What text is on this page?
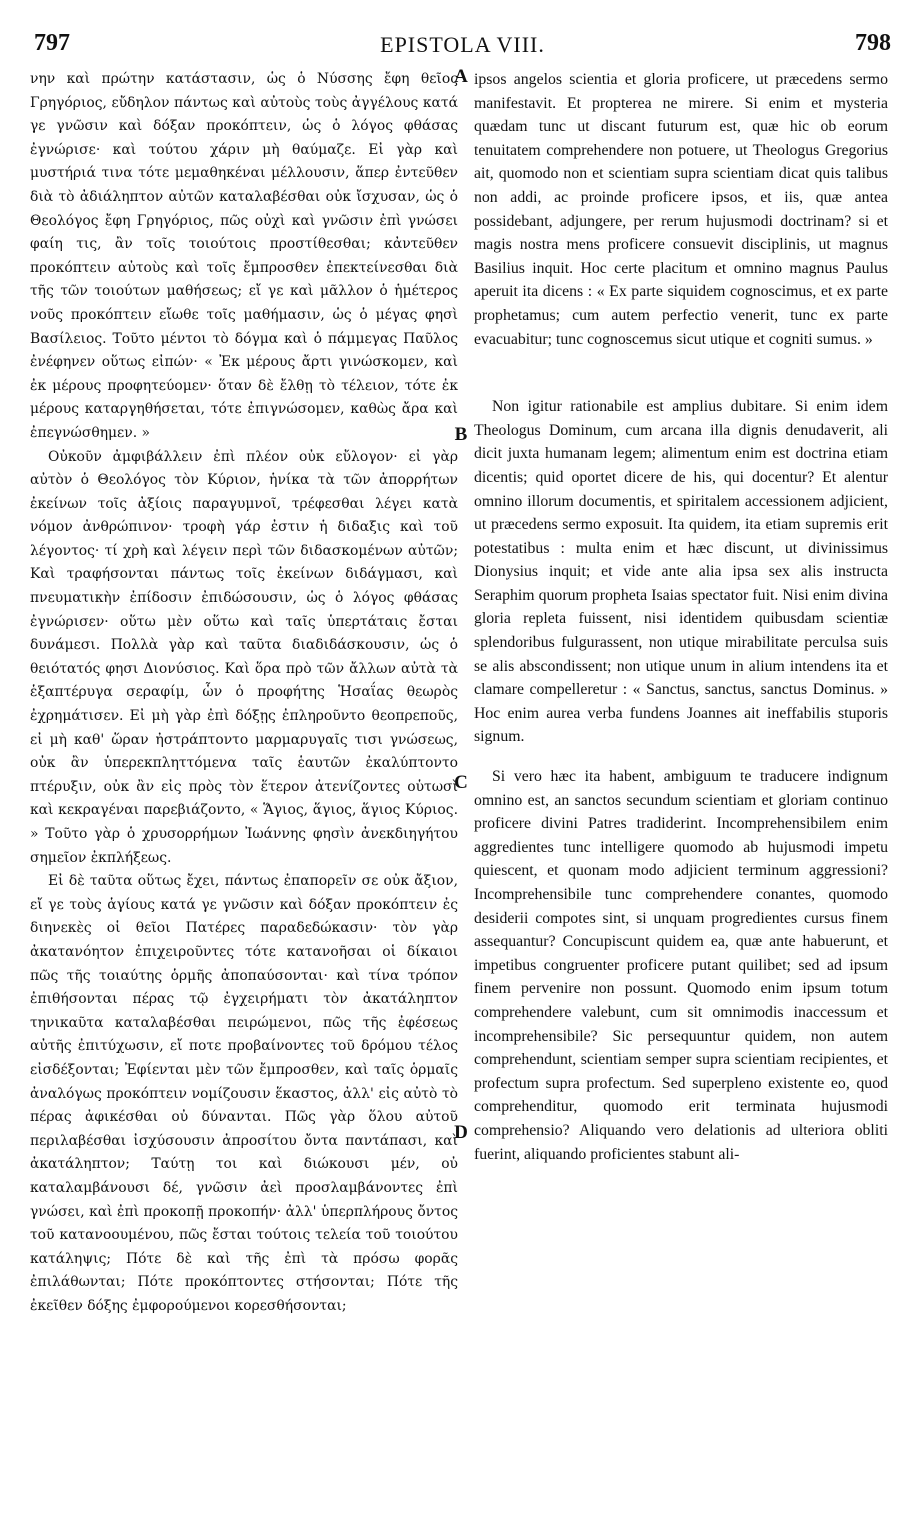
797	EPISTOLA VIII.	798

νην καὶ πρώτην κατάστασιν, ὡς ὁ Νύσσης ἔφη θεῖος Γρηγόριος, εὔδηλον πάντως καὶ αὐτοὺς τοὺς ἀγγέλους κατά γε γνῶσιν καὶ δόξαν προκόπτειν, ὡς ὁ λόγος φθάσας ἐγνώρισε· καὶ τούτου χάριν μὴ θαύμαζε. Εἰ γὰρ καὶ μυστήριά τινα τότε μεμαθηκέναι μέλλουσιν, ἅπερ ἐντεῦθεν διὰ τὸ ἀδιάληπτον αὐτῶν καταλαβέσθαι οὐκ ἴσχυσαν, ὡς ὁ Θεολόγος ἔφη Γρηγόριος, πῶς οὐχὶ καὶ γνῶσιν ἐπὶ γνώσει φαίη τις, ἂν τοῖς τοιούτοις προστίθεσθαι; κἀντεῦθεν προκόπτειν αὐτοὺς καὶ τοῖς ἔμπροσθεν ἐπεκτείνεσθαι διὰ τῆς τῶν τοιούτων μαθήσεως; εἴ γε καὶ μᾶλλον ὁ ἡμέτερος νοῦς προκόπτειν εἴωθε τοῖς μαθήμασιν, ὡς ὁ μέγας φησὶ Βασίλειος. Τοῦτο μέντοι τὸ δόγμα καὶ ὁ πάμμεγας Παῦλος ἐνέφηνεν οὕτως εἰπών· « Ἐκ μέρους ἄρτι γινώσκομεν, καὶ ἐκ μέρους προφητεύομεν· ὅταν δὲ ἔλθῃ τὸ τέλειον, τότε ἐκ μέρους καταργηθήσεται, τότε ἐπιγνώσομεν, καθὼς ἄρα καὶ ἐπεγνώσθημεν. »

Οὐκοῦν ἀμφιβάλλειν ἐπὶ πλέον οὐκ εὔλογον· εἰ γὰρ αὐτὸν ὁ Θεολόγος τὸν Κύριον, ἡνίκα τὰ τῶν ἀπορρήτων ἐκείνων τοῖς ἀξίοις παραγυμνοῖ, τρέφεσθαι λέγει κατὰ νόμον ἀνθρώπινον· τροφὴ γάρ ἐστιν ἡ διδαξις καὶ τοῦ λέγοντος· τί χρὴ καὶ λέγειν περὶ τῶν διδασκομένων αὐτῶν; Καὶ τραφήσονται πάντως τοῖς ἐκείνων διδάγμασι, καὶ πνευματικὴν ἐπίδοσιν ἐπιδώσουσιν, ὡς ὁ λόγος φθάσας ἐγνώρισεν· οὕτω μὲν οὕτω καὶ ταῖς ὑπερτάταις ἔσται δυνάμεσι. Πολλὰ γὰρ καὶ ταῦτα διαδιδάσκουσιν, ὡς ὁ θειότατός φησι Διονύσιος. Καὶ ὅρα πρὸ τῶν ἄλλων αὐτὰ τὰ ἑξαπτέρυγα σεραφίμ, ὧν ὁ προφήτης Ἡσαΐας θεωρὸς ἐχρημάτισεν. Εἰ μὴ γὰρ ἐπὶ δόξῃς ἐπληροῦντο θεοπρεποῦς, εἰ μὴ καθ' ὥραν ἠστράπτοντο μαρμαρυγαῖς τισι γνώσεως, οὐκ ἂν ὑπερεκπληττόμενα ταῖς ἑαυτῶν ἐκαλύπτοντο πτέρυξιν, οὐκ ἂν εἰς πρὸς τὸν ἕτερον ἀτενίζοντες οὑτωσὶ καὶ κεκραγέναι παρεβιάζοντο, « Ἅγιος, ἅγιος, ἅγιος Κύριος. » Τοῦτο γὰρ ὁ χρυσορρήμων Ἰωάννης φησὶν ἀνεκδιηγήτου σημεῖον ἐκπλήξεως.

Εἰ δὲ ταῦτα οὕτως ἔχει, πάντως ἐπαπορεῖν σε οὐκ ἄξιον, εἴ γε τοὺς ἁγίους κατά γε γνῶσιν καὶ δόξαν προκόπτειν ἐς διηνεκὲς οἱ θεῖοι Πατέρες παραδεδώκασιν· τὸν γὰρ ἀκατανόητον ἐπιχειροῦντες τότε κατανοῆσαι οἱ δίκαιοι πῶς τῆς τοιαύτης ὁρμῆς ἀποπαύσονται· καὶ τίνα τρόπον ἐπιθήσονται πέρας τῷ ἐγχειρήματι τὸν ἀκατάληπτον τηνικαῦτα καταλαβέσθαι πειρώμενοι, πῶς τῆς ἐφέσεως αὐτῆς ἐπιτύχωσιν, εἴ ποτε προβαίνοντες τοῦ δρόμου τέλος εἰσδέξονται; Ἐφίενται μὲν τῶν ἔμπροσθεν, καὶ ταῖς ὁρμαῖς ἀναλόγως προκόπτειν νομίζουσιν ἕκαστος, ἀλλ' εἰς αὐτὸ τὸ πέρας ἀφικέσθαι οὐ δύνανται. Πῶς γὰρ ὅλου αὐτοῦ περιλαβέσθαι ἰσχύσουσιν ἀπροσίτου ὄντα παντάπασι, καὶ ἀκατάληπτον; Ταύτῃ τοι καὶ διώκουσι μέν, οὐ καταλαμβάνουσι δέ, γνῶσιν ἀεὶ προσλαμβάνοντες ἐπὶ γνώσει, καὶ ἐπὶ προκοπῇ προκοπήν· ἀλλ' ὑπερπλήρους ὄντος τοῦ κατανοουμένου, πῶς ἔσται τούτοις τελεία τοῦ τοιούτου κατάληψις; Πότε δὲ καὶ τῆς ἐπὶ τὰ πρόσω φορᾶς ἐπιλάθωνται; Πότε προκόπτοντες στήσονται; Πότε τῆς ἐκεῖθεν δόξης ἐμφορούμενοι κορεσθήσονται;

ipsos angelos scientia et gloria proficere, ut præcedens sermo manifestavit. Et propterea ne mirere. Si enim et mysteria quædam tunc ut discant futurum est, quæ hic ob eorum tenuitatem comprehendere non potuere, ut Theologus Gregorius ait, quomodo non et scientiam supra scientiam dicat quis talibus non addi, ac proinde proficere ipsos, et iis, quæ antea possidebant, adjungere, per rerum hujusmodi doctrinam? si et magis nostra mens proficere consuevit disciplinis, ut magnus Basilius inquit. Hoc certe placitum et omnino magnus Paulus aperuit ita dicens : « Ex parte siquidem cognoscimus, et ex parte prophetamus; cum autem perfectio venerit, tunc ex parte evacuabitur; tunc cognoscemus sicut utique et cogniti sumus. »

Non igitur rationabile est amplius dubitare. Si enim idem Theologus Dominum, cum arcana illa dignis denudaverit, ali dicit juxta humanam legem; alimentum enim est doctrina etiam dicentis; quid oportet dicere de his, qui docentur? Et alentur omnino illorum documentis, et spiritalem accessionem adjicient, ut præcedens sermo exposuit. Ita quidem, ita etiam supremis erit potestatibus : multa enim et hæc discunt, ut divinissimus Dionysius inquit; et vide ante alia ipsa sex alis instructa Seraphim quorum propheta Isaias spectator fuit. Nisi enim divina gloria repleta fuissent, nisi identidem quibusdam scientiæ splendoribus fulgurassent, non utique mirabilitate perculsa suis se alis abscondissent; non utique unum in alium intendens ita et clamare compelleretur : « Sanctus, sanctus, sanctus Dominus. » Hoc enim aurea verba fundens Joannes ait ineffabilis stuporis signum.

Si vero hæc ita habent, ambiguum te traducere indignum omnino est, an sanctos secundum scientiam et gloriam continuo proficere divini Patres tradiderint. Incomprehensibilem enim aggredientes tunc intelligere quomodo ab hujusmodi impetu quiescent, et quonam modo adjicient terminum aggressioni? Incomprehensibile tunc comprehendere conantes, quomodo desiderii compotes sint, si unquam progredientes cursus finem assequantur? Concupiscunt quidem ea, quæ ante habuerunt, et impetibus congruenter proficere putant quilibet; sed ad ipsum finem pervenire non possunt. Quomodo enim ipsum totum comprehendere valebunt, cum sit omnimodis inaccessum et incomprehensibile? Sic persequuntur quidem, non autem comprehendunt, scientiam semper supra scientiam recipientes, et profectum supra profectum. Sed superpleno existente eo, quod comprehenditur, quomodo erit terminata hujusmodi comprehensio? Aliquando vero delationis ad ulteriora obliti fuerint, aliquando proficientes stabunt ali-

A
B
C
D
